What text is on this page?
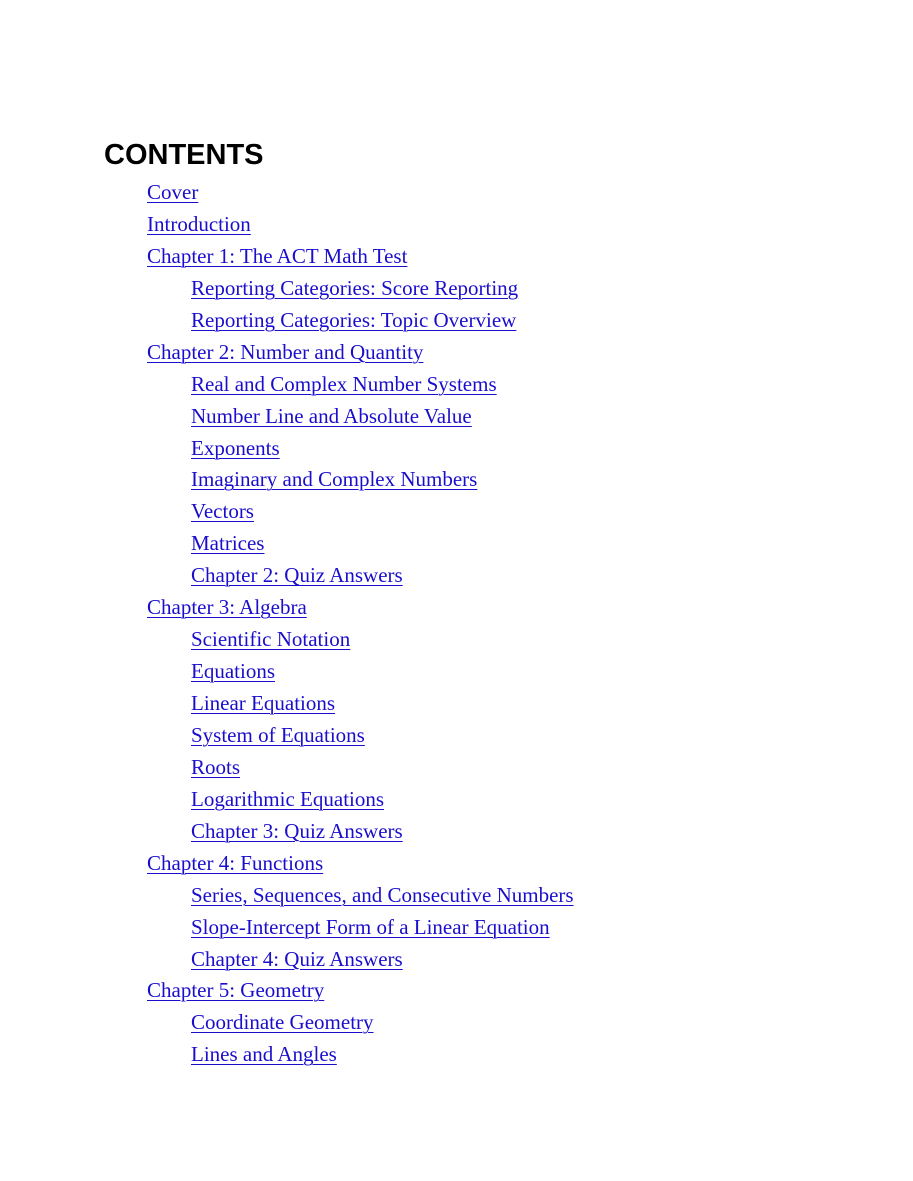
CONTENTS
Cover
Introduction
Chapter 1: The ACT Math Test
Reporting Categories: Score Reporting
Reporting Categories: Topic Overview
Chapter 2: Number and Quantity
Real and Complex Number Systems
Number Line and Absolute Value
Exponents
Imaginary and Complex Numbers
Vectors
Matrices
Chapter 2: Quiz Answers
Chapter 3: Algebra
Scientific Notation
Equations
Linear Equations
System of Equations
Roots
Logarithmic Equations
Chapter 3: Quiz Answers
Chapter 4: Functions
Series, Sequences, and Consecutive Numbers
Slope-Intercept Form of a Linear Equation
Chapter 4: Quiz Answers
Chapter 5: Geometry
Coordinate Geometry
Lines and Angles
